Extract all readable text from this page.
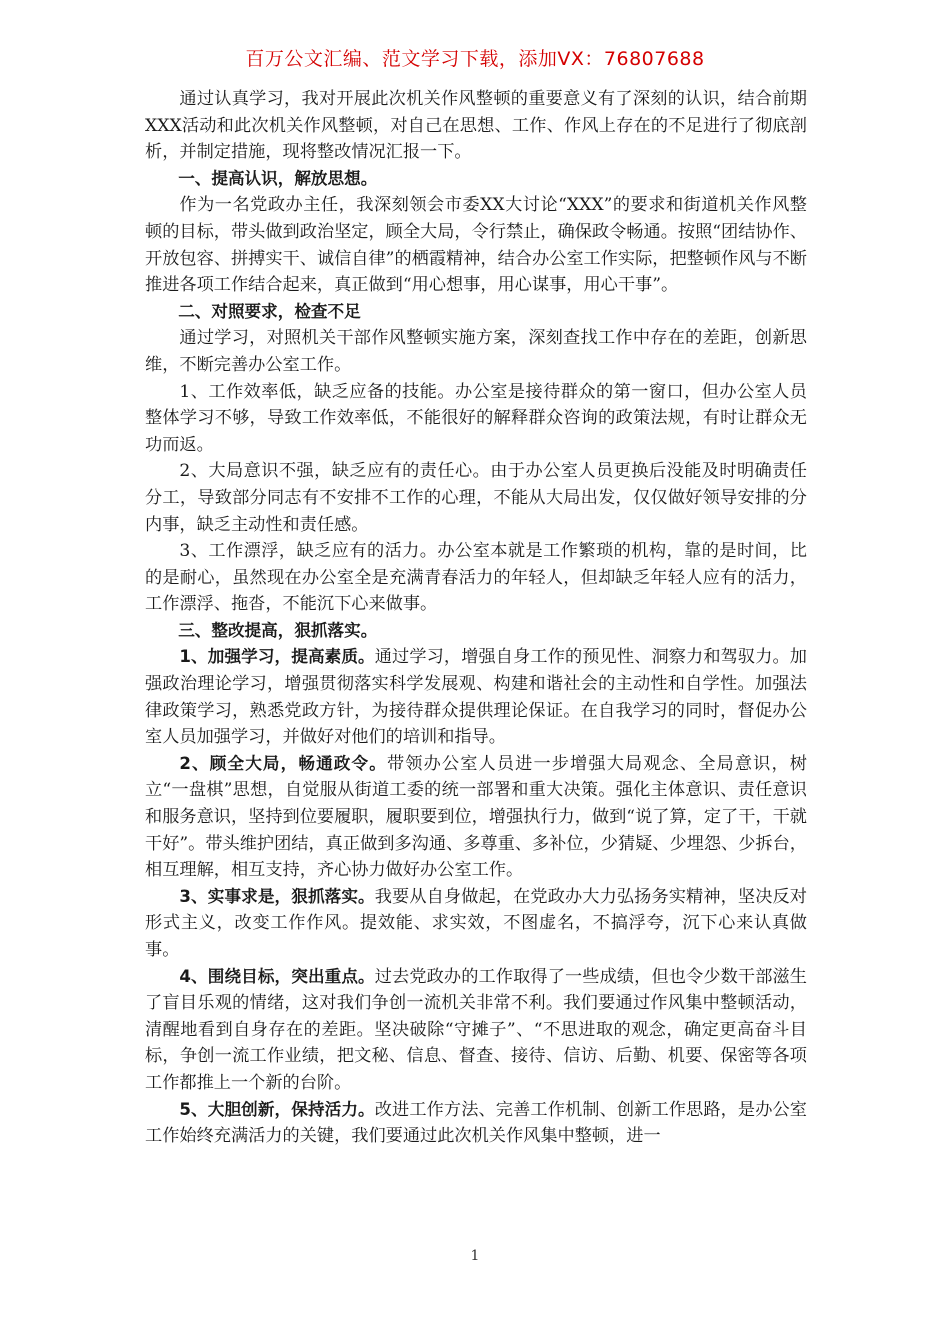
百万公文汇编、范文学习下载，添加VX：76807688

通过认真学习，我对开展此次机关作风整顿的重要意义有了深刻的认识，结合前期XXX活动和此次机关作风整顿，对自己在思想、工作、作风上存在的不足进行了彻底剖析，并制定措施，现将整改情况汇报一下。

一、提高认识，解放思想。

作为一名党政办主任，我深刻领会市委XX大讨论“XXX”的要求和街道机关作风整顿的目标，带头做到政治坚定，顾全大局，令行禁止，确保政令畅通。按照“团结协作、开放包容、拼搏实干、诚信自律”的栖霞精神，结合办公室工作实际，把整顿作风与不断推进各项工作结合起来，真正做到“用心想事，用心谋事，用心干事”。

二、对照要求，检查不足

通过学习，对照机关干部作风整顿实施方案，深刻查找工作中存在的差距，创新思维，不断完善办公室工作。

1、工作效率低，缺乏应备的技能。办公室是接待群众的第一窗口，但办公室人员整体学习不够，导致工作效率低，不能很好的解释群众咨询的政策法规，有时让群众无功而返。

2、大局意识不强，缺乏应有的责任心。由于办公室人员更换后没能及时明确责任分工，导致部分同志有不安排不工作的心理，不能从大局出发，仅仅做好领导安排的分内事，缺乏主动性和责任感。

3、工作漂浮，缺乏应有的活力。办公室本就是工作繁琐的机构，靠的是时间，比的是耐心，虽然现在办公室全是充满青春活力的年轻人，但却缺乏年轻人应有的活力，工作漂浮、拖沓，不能沉下心来做事。

三、整改提高，狠抓落实。

1、加强学习，提高素质。通过学习，增强自身工作的预见性、洞察力和驾驭力。加强政治理论学习，增强贯彻落实科学发展观、构建和谐社会的主动性和自学性。加强法律政策学习，熟悉党政方针，为接待群众提供理论保证。在自我学习的同时，督促办公室人员加强学习，并做好对他们的培训和指导。

2、顾全大局，畅通政令。带领办公室人员进一步增强大局观念、全局意识，树立“一盘棋”思想，自觉服从街道工委的统一部署和重大决策。强化主体意识、责任意识和服务意识，坚持到位要履职，履职要到位，增强执行力，做到“说了算，定了干，干就干好”。带头维护团结，真正做到多沟通、多尊重、多补位，少猜疑、少埋怨、少拆台，相互理解，相互支持，齐心协力做好办公室工作。

3、实事求是，狠抓落实。我要从自身做起，在党政办大力弘扬务实精神，坚决反对形式主义，改变工作作风。提效能、求实效，不图虚名，不搞浮夸，沉下心来认真做事。

4、围绕目标，突出重点。过去党政办的工作取得了一些成绩，但也令少数干部滋生了盲目乐观的情绪，这对我们争创一流机关非常不利。我们要通过作风集中整顿活动，清醒地看到自身存在的差距。坚决破除“守摊子”、“不思进取的观念，确定更高奋斗目标，争创一流工作业绩，把文秘、信息、督查、接待、信访、后勤、机要、保密等各项工作都推上一个新的台阶。

5、大胆创新，保持活力。改进工作方法、完善工作机制、创新工作思路，是办公室工作始终充满活力的关键，我们要通过此次机关作风集中整顿，进一

1
